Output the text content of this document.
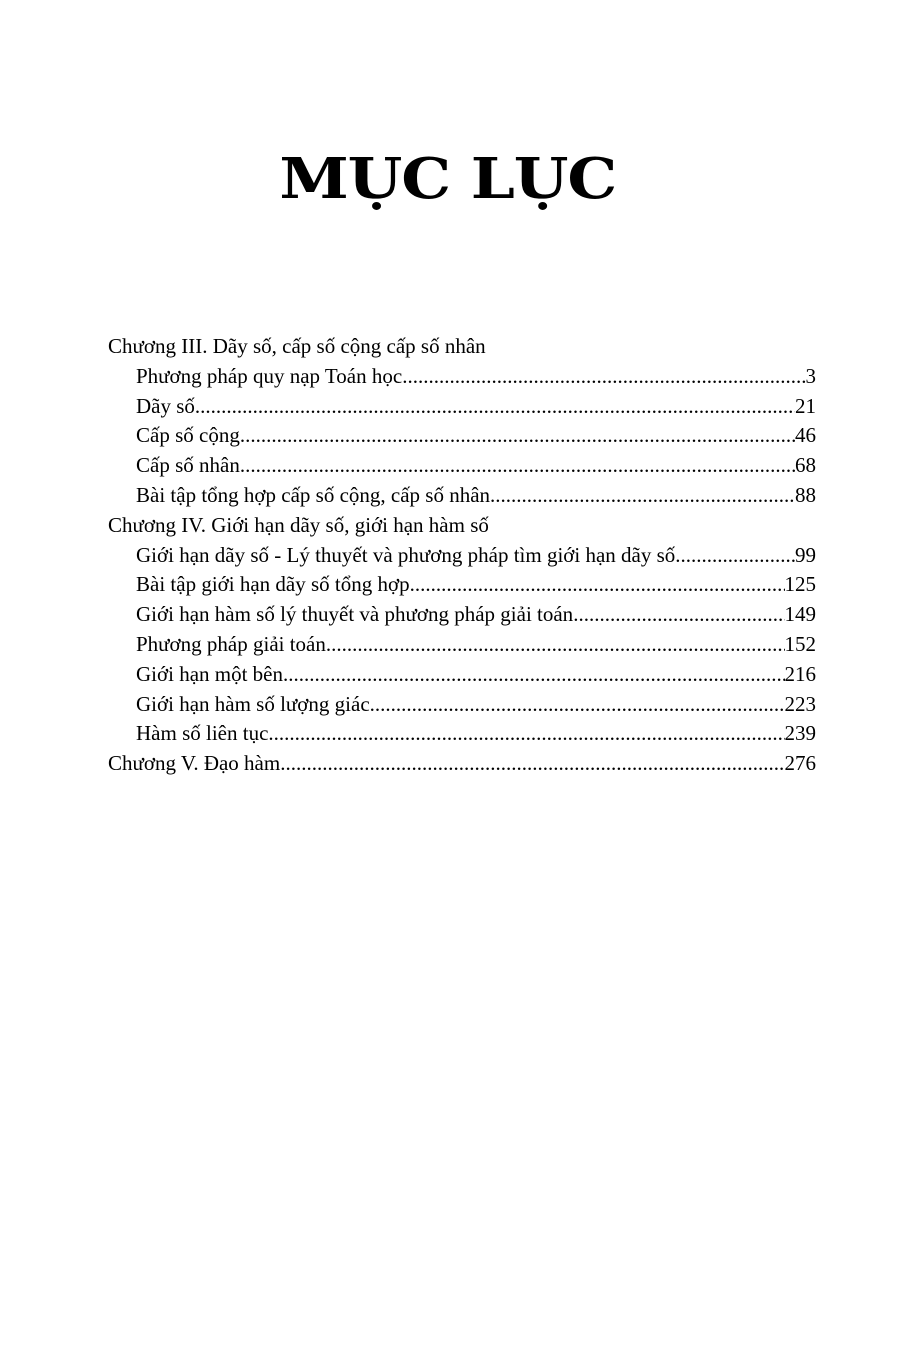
MỤC LỤC
Chương III. Dãy số, cấp số cộng cấp số nhân
Phương pháp quy nạp Toán học .....	3
Dãy số .....	21
Cấp số cộng .....	46
Cấp số nhân .....	68
Bài tập tổng hợp cấp số cộng, cấp số nhân .....	88
Chương IV. Giới hạn dãy số, giới hạn hàm số
Giới hạn dãy số - Lý thuyết và phương pháp tìm giới hạn dãy số .....	99
Bài tập giới hạn dãy số tổng hợp .....	125
Giới hạn hàm số lý thuyết và phương pháp giải toán .....	149
Phương pháp giải toán .....	152
Giới hạn một bên .....	216
Giới hạn hàm số lượng giác .....	223
Hàm số liên tục .....	239
Chương V. Đạo hàm .....	276
